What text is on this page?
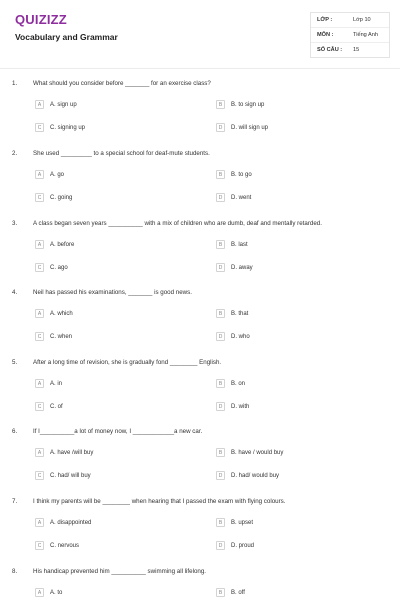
QUIZIZZ
Vocabulary and Grammar
LỚP :	Lớp 10
MÔN :	Tiếng Anh
SỐ CÂU :	15
1.	What should you consider before _______ for an exercise class?
A	A. sign up	B	B. to sign up
C	C. signing up	D	D. will sign up
2.	She used _________ to a special school for deaf-mute students.
A	A. go	B	B. to go
C	C. going	D	D. went
3.	A class began seven years __________ with a mix of children who are dumb, deaf and mentally retarded.
A	A. before	B	B. last
C	C. ago	D	D. away
4.	Neil has passed his examinations, _______ is good news.
A	A. which	B	B. that
C	C. when	D	D. who
5.	After a long time of revision, she is gradually fond ________ English.
A	A. in	B	B. on
C	C. of	D	D. with
6.	If I__________a lot of money now, I ____________a new car.
A	A. have /will buy	B	B. have / would buy
C	C. had/ will buy	D	D. had/ would buy
7.	I think my parents will be ________ when hearing that I passed the exam with flying colours.
A	A. disappointed	B	B. upset
C	C. nervous	D	D. proud
8.	His handicap prevented him __________ swimming all lifelong.
A	A. to	B	B. off
